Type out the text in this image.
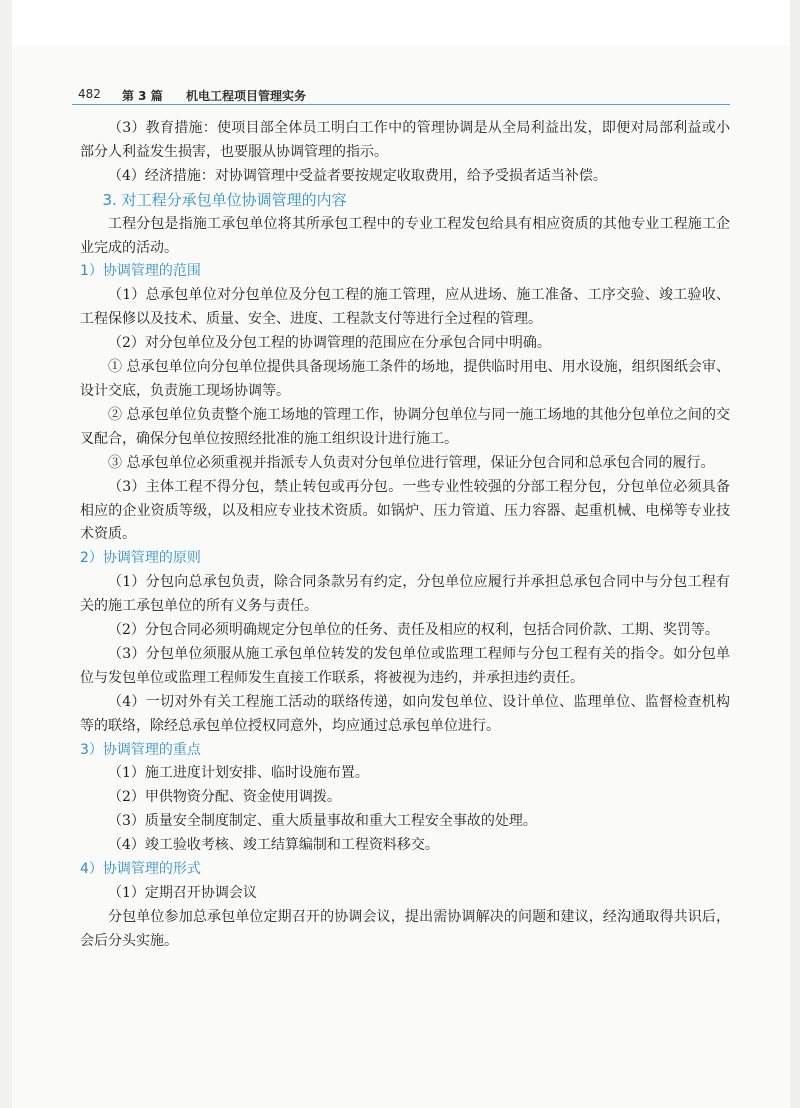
482 第 3 篇 机电工程项目管理实务

（3）教育措施：使项目部全体员工明白工作中的管理协调是从全局利益出发，即便对局部利益或小部分人利益发生损害，也要服从协调管理的指示。

（4）经济措施：对协调管理中受益者要按规定收取费用，给予受损者适当补偿。

3. 对工程分承包单位协调管理的内容

工程分包是指施工承包单位将其所承包工程中的专业工程发包给具有相应资质的其他专业工程施工企业完成的活动。

1）协调管理的范围

（1）总承包单位对分包单位及分包工程的施工管理，应从进场、施工准备、工序交验、竣工验收、工程保修以及技术、质量、安全、进度、工程款支付等进行全过程的管理。

（2）对分包单位及分包工程的协调管理的范围应在分承包合同中明确。

① 总承包单位向分包单位提供具备现场施工条件的场地，提供临时用电、用水设施，组织图纸会审、设计交底，负责施工现场协调等。

② 总承包单位负责整个施工场地的管理工作，协调分包单位与同一施工场地的其他分包单位之间的交叉配合，确保分包单位按照经批准的施工组织设计进行施工。

③ 总承包单位必须重视并指派专人负责对分包单位进行管理，保证分包合同和总承包合同的履行。

（3）主体工程不得分包，禁止转包或再分包。一些专业性较强的分部工程分包，分包单位必须具备相应的企业资质等级，以及相应专业技术资质。如锅炉、压力管道、压力容器、起重机械、电梯等专业技术资质。

2）协调管理的原则

（1）分包向总承包负责，除合同条款另有约定，分包单位应履行并承担总承包合同中与分包工程有关的施工承包单位的所有义务与责任。

（2）分包合同必须明确规定分包单位的任务、责任及相应的权利，包括合同价款、工期、奖罚等。

（3）分包单位须服从施工承包单位转发的发包单位或监理工程师与分包工程有关的指令。如分包单位与发包单位或监理工程师发生直接工作联系，将被视为违约，并承担违约责任。

（4）一切对外有关工程施工活动的联络传递，如向发包单位、设计单位、监理单位、监督检查机构等的联络，除经总承包单位授权同意外，均应通过总承包单位进行。

3）协调管理的重点

（1）施工进度计划安排、临时设施布置。

（2）甲供物资分配、资金使用调拨。

（3）质量安全制度制定、重大质量事故和重大工程安全事故的处理。

（4）竣工验收考核、竣工结算编制和工程资料移交。

4）协调管理的形式

（1）定期召开协调会议

分包单位参加总承包单位定期召开的协调会议，提出需协调解决的问题和建议，经沟通取得共识后，会后分头实施。
